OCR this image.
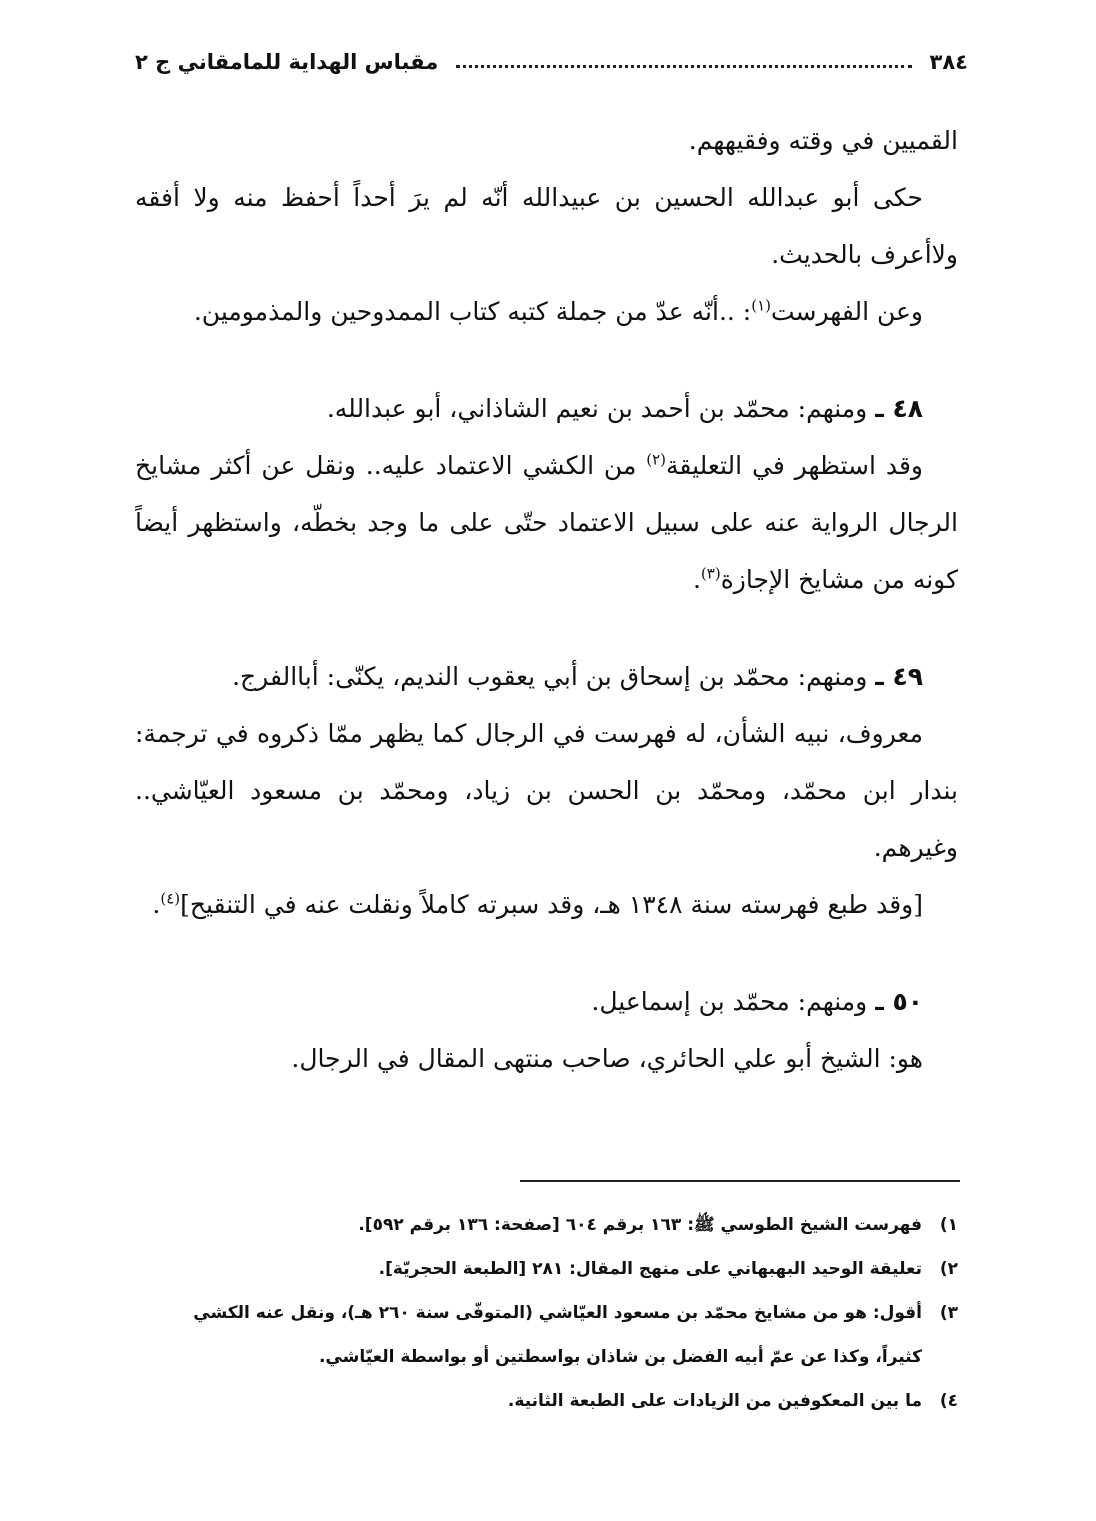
٣٨٤
مقباس الهداية للمامقاني ج ٢

القميين في وقته وفقيههم.

حكى أبو عبدالله الحسين بن عبيدالله أنّه لم يرَ أحداً أحفظ منه ولا أفقه ولاأعرف بالحديث.

وعن الفهرست$^{(١)}$: ..أنّه عدّ من جملة كتبه كتاب الممدوحين والمذمومين.

٤٨ ـ ومنهم: محمّد بن أحمد بن نعيم الشاذاني، أبو عبدالله.

وقد استظهر في التعليقة$^{(٢)}$ من الكشي الاعتماد عليه.. ونقل عن أكثر مشايخ الرجال الرواية عنه على سبيل الاعتماد حتّى على ما وجد بخطّه، واستظهر أيضاً كونه من مشايخ الإجازة$^{(٣)}$.

٤٩ ـ ومنهم: محمّد بن إسحاق بن أبي يعقوب النديم، يكنّى: أباالفرج.

معروف، نبيه الشأن، له فهرست في الرجال كما يظهر ممّا ذكروه في ترجمة: بندار ابن محمّد، ومحمّد بن الحسن بن زياد، ومحمّد بن مسعود العيّاشي.. وغيرهم.

[وقد طبع فهرسته سنة ١٣٤٨ هـ، وقد سبرته كاملاً ونقلت عنه في التنقيح]$^{(٤)}$.

٥٠ ـ ومنهم: محمّد بن إسماعيل.

هو: الشيخ أبو علي الحائري، صاحب منتهى المقال في الرجال.

١)فهرست الشيخ الطوسي ﷺ: ١٦٣ برقم ٦٠٤ [صفحة: ١٣٦ برقم ٥٩٢].

٢)تعليقة الوحيد البهبهاني على منهج المقال: ٢٨١ [الطبعة الحجريّة].

٣)أقول: هو من مشايخ محمّد بن مسعود العيّاشي (المتوفّى سنة ٢٦٠ هـ)، ونقل عنه الكشي

كثيراً، وكذا عن عمّ أبيه الفضل بن شاذان بواسطتين أو بواسطة العيّاشي.

٤)ما بين المعكوفين من الزيادات على الطبعة الثانية.
